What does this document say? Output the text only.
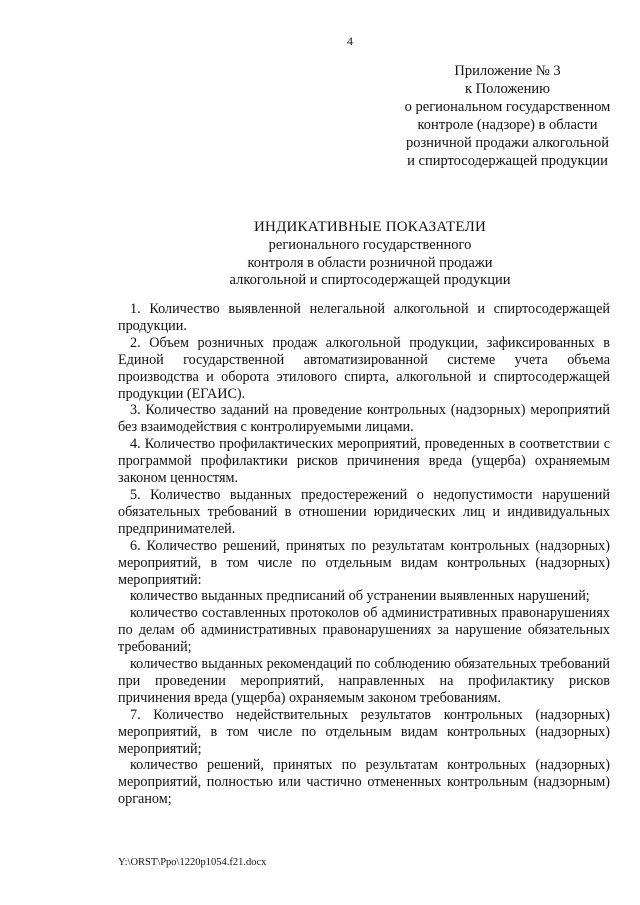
4
Приложение № 3
к Положению
о региональном государственном
контроле (надзоре) в области
розничной продажи алкогольной
и спиртосодержащей продукции
ИНДИКАТИВНЫЕ ПОКАЗАТЕЛИ
регионального государственного
контроля в области розничной продажи
алкогольной и спиртосодержащей продукции

1. Количество выявленной нелегальной алкогольной и спиртосодержащей продукции.

2. Объем розничных продаж алкогольной продукции, зафиксированных в Единой государственной автоматизированной системе учета объема производства и оборота этилового спирта, алкогольной и спиртосодержащей продукции (ЕГАИС).

3. Количество заданий на проведение контрольных (надзорных) мероприятий без взаимодействия с контролируемыми лицами.

4. Количество профилактических мероприятий, проведенных в соответствии с программой профилактики рисков причинения вреда (ущерба) охраняемым законом ценностям.

5. Количество выданных предостережений о недопустимости нарушений обязательных требований в отношении юридических лиц и индивидуальных предпринимателей.

6. Количество решений, принятых по результатам контрольных (надзорных) мероприятий, в том числе по отдельным видам контрольных (надзорных) мероприятий:

количество выданных предписаний об устранении выявленных нарушений;

количество составленных протоколов об административных правонарушениях по делам об административных правонарушениях за нарушение обязательных требований;

количество выданных рекомендаций по соблюдению обязательных требований при проведении мероприятий, направленных на профилактику рисков причинения вреда (ущерба) охраняемым законом требованиям.

7. Количество недействительных результатов контрольных (надзорных) мероприятий, в том числе по отдельным видам контрольных (надзорных) мероприятий;

количество решений, принятых по результатам контрольных (надзорных) мероприятий, полностью или частично отмененных контрольным (надзорным) органом;

Y:\ORST\Ppo\1220p1054.f21.docx
